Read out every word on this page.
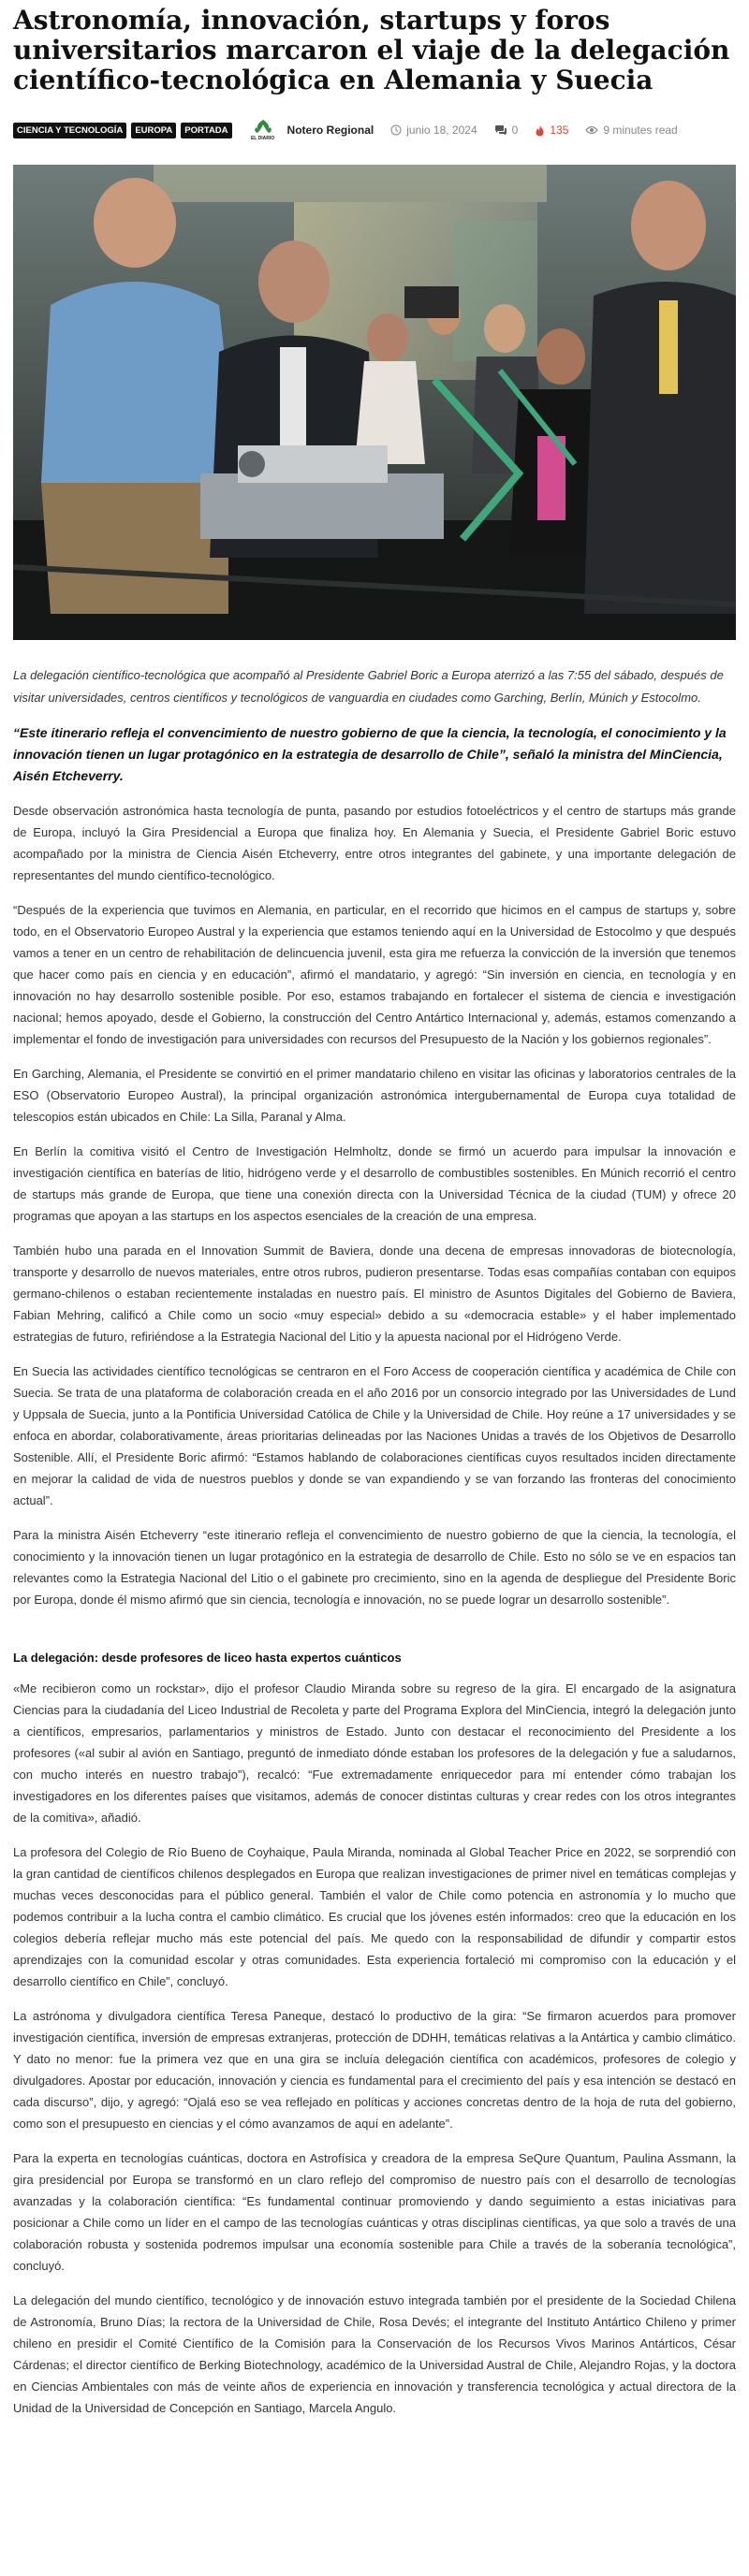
Astronomía, innovación, startups y foros universitarios marcaron el viaje de la delegación científico-tecnológica en Alemania y Suecia
CIENCIA Y TECNOLOGÍA	EUROPA	PORTADA
EL DIARIO
Notero Regional	junio 18, 2024	0	135	9 minutes read

La delegación científico-tecnológica que acompañó al Presidente Gabriel Boric a Europa aterrizó a las 7:55 del sábado, después de visitar universidades, centros científicos y tecnológicos de vanguardia en ciudades como Garching, Berlín, Múnich y Estocolmo.

“Este itinerario refleja el convencimiento de nuestro gobierno de que la ciencia, la tecnología, el conocimiento y la innovación tienen un lugar protagónico en la estrategia de desarrollo de Chile”, señaló la ministra del MinCiencia, Aisén Etcheverry.

Desde observación astronómica hasta tecnología de punta, pasando por estudios fotoeléctricos y el centro de startups más grande de Europa, incluyó la Gira Presidencial a Europa que finaliza hoy. En Alemania y Suecia, el Presidente Gabriel Boric estuvo acompañado por la ministra de Ciencia Aisén Etcheverry, entre otros integrantes del gabinete, y una importante delegación de representantes del mundo científico-tecnológico.

“Después de la experiencia que tuvimos en Alemania, en particular, en el recorrido que hicimos en el campus de startups y, sobre todo, en el Observatorio Europeo Austral y la experiencia que estamos teniendo aquí en la Universidad de Estocolmo y que después vamos a tener en un centro de rehabilitación de delincuencia juvenil, esta gira me refuerza la convicción de la inversión que tenemos que hacer como país en ciencia y en educación”, afirmó el mandatario, y agregó: “Sin inversión en ciencia, en tecnología y en innovación no hay desarrollo sostenible posible. Por eso, estamos trabajando en fortalecer el sistema de ciencia e investigación nacional; hemos apoyado, desde el Gobierno, la construcción del Centro Antártico Internacional y, además, estamos comenzando a implementar el fondo de investigación para universidades con recursos del Presupuesto de la Nación y los gobiernos regionales”.

En Garching, Alemania, el Presidente se convirtió en el primer mandatario chileno en visitar las oficinas y laboratorios centrales de la ESO (Observatorio Europeo Austral), la principal organización astronómica intergubernamental de Europa cuya totalidad de telescopios están ubicados en Chile: La Silla, Paranal y Alma.

En Berlín la comitiva visitó el Centro de Investigación Helmholtz, donde se firmó un acuerdo para impulsar la innovación e investigación científica en baterías de litio, hidrógeno verde y el desarrollo de combustibles sostenibles. En Múnich recorrió el centro de startups más grande de Europa, que tiene una conexión directa con la Universidad Técnica de la ciudad (TUM) y ofrece 20 programas que apoyan a las startups en los aspectos esenciales de la creación de una empresa.

También hubo una parada en el Innovation Summit de Baviera, donde una decena de empresas innovadoras de biotecnología, transporte y desarrollo de nuevos materiales, entre otros rubros, pudieron presentarse. Todas esas compañías contaban con equipos germano-chilenos o estaban recientemente instaladas en nuestro país. El ministro de Asuntos Digitales del Gobierno de Baviera, Fabian Mehring, calificó a Chile como un socio «muy especial» debido a su «democracia estable» y el haber implementado estrategias de futuro, refiriéndose a la Estrategia Nacional del Litio y la apuesta nacional por el Hidrógeno Verde.

En Suecia las actividades científico tecnológicas se centraron en el Foro Access de cooperación científica y académica de Chile con Suecia. Se trata de una plataforma de colaboración creada en el año 2016 por un consorcio integrado por las Universidades de Lund y Uppsala de Suecia, junto a la Pontificia Universidad Católica de Chile y la Universidad de Chile. Hoy reúne a 17 universidades y se enfoca en abordar, colaborativamente, áreas prioritarias delineadas por las Naciones Unidas a través de los Objetivos de Desarrollo Sostenible. Allí, el Presidente Boric afirmó: “Estamos hablando de colaboraciones científicas cuyos resultados inciden directamente en mejorar la calidad de vida de nuestros pueblos y donde se van expandiendo y se van forzando las fronteras del conocimiento actual”.

Para la ministra Aisén Etcheverry “este itinerario refleja el convencimiento de nuestro gobierno de que la ciencia, la tecnología, el conocimiento y la innovación tienen un lugar protagónico en la estrategia de desarrollo de Chile. Esto no sólo se ve en espacios tan relevantes como la Estrategia Nacional del Litio o el gabinete pro crecimiento, sino en la agenda de despliegue del Presidente Boric por Europa, donde él mismo afirmó que sin ciencia, tecnología e innovación, no se puede lograr un desarrollo sostenible”.

La delegación: desde profesores de liceo hasta expertos cuánticos

«Me recibieron como un rockstar», dijo el profesor Claudio Miranda sobre su regreso de la gira. El encargado de la asignatura Ciencias para la ciudadanía del Liceo Industrial de Recoleta y parte del Programa Explora del MinCiencia, integró la delegación junto a científicos, empresarios, parlamentarios y ministros de Estado. Junto con destacar el reconocimiento del Presidente a los profesores («al subir al avión en Santiago, preguntó de inmediato dónde estaban los profesores de la delegación y fue a saludarnos, con mucho interés en nuestro trabajo”), recalcó: “Fue extremadamente enriquecedor para mí entender cómo trabajan los investigadores en los diferentes países que visitamos, además de conocer distintas culturas y crear redes con los otros integrantes de la comitiva», añadió.

La profesora del Colegio de Río Bueno de Coyhaique, Paula Miranda, nominada al Global Teacher Price en 2022, se sorprendió con la gran cantidad de científicos chilenos desplegados en Europa que realizan investigaciones de primer nivel en temáticas complejas y muchas veces desconocidas para el público general. También el valor de Chile como potencia en astronomía y lo mucho que podemos contribuir a la lucha contra el cambio climático. Es crucial que los jóvenes estén informados: creo que la educación en los colegios debería reflejar mucho más este potencial del país. Me quedo con la responsabilidad de difundir y compartir estos aprendizajes con la comunidad escolar y otras comunidades. Esta experiencia fortaleció mi compromiso con la educación y el desarrollo científico en Chile”, concluyó.

La astrónoma y divulgadora científica Teresa Paneque, destacó lo productivo de la gira: “Se firmaron acuerdos para promover investigación científica, inversión de empresas extranjeras, protección de DDHH, temáticas relativas a la Antártica y cambio climático. Y dato no menor: fue la primera vez que en una gira se incluía delegación científica con académicos, profesores de colegio y divulgadores. Apostar por educación, innovación y ciencia es fundamental para el crecimiento del país y esa intención se destacó en cada discurso”, dijo, y agregó: “Ojalá eso se vea reflejado en políticas y acciones concretas dentro de la hoja de ruta del gobierno, como son el presupuesto en ciencias y el cómo avanzamos de aquí en adelante”.

Para la experta en tecnologías cuánticas, doctora en Astrofísica y creadora de la empresa SeQure Quantum, Paulina Assmann, la gira presidencial por Europa se transformó en un claro reflejo del compromiso de nuestro país con el desarrollo de tecnologías avanzadas y la colaboración científica: “Es fundamental continuar promoviendo y dando seguimiento a estas iniciativas para posicionar a Chile como un líder en el campo de las tecnologías cuánticas y otras disciplinas científicas, ya que solo a través de una colaboración robusta y sostenida podremos impulsar una economía sostenible para Chile a través de la soberanía tecnológica”, concluyó.

La delegación del mundo científico, tecnológico y de innovación estuvo integrada también por el presidente de la Sociedad Chilena de Astronomía, Bruno Días; la rectora de la Universidad de Chile, Rosa Devés; el integrante del Instituto Antártico Chileno y primer chileno en presidir el Comité Científico de la Comisión para la Conservación de los Recursos Vivos Marinos Antárticos, César Cárdenas; el director científico de Berking Biotechnology, académico de la Universidad Austral de Chile, Alejandro Rojas, y la doctora en Ciencias Ambientales con más de veinte años de experiencia en innovación y transferencia tecnológica y actual directora de la Unidad de la Universidad de Concepción en Santiago, Marcela Angulo.
